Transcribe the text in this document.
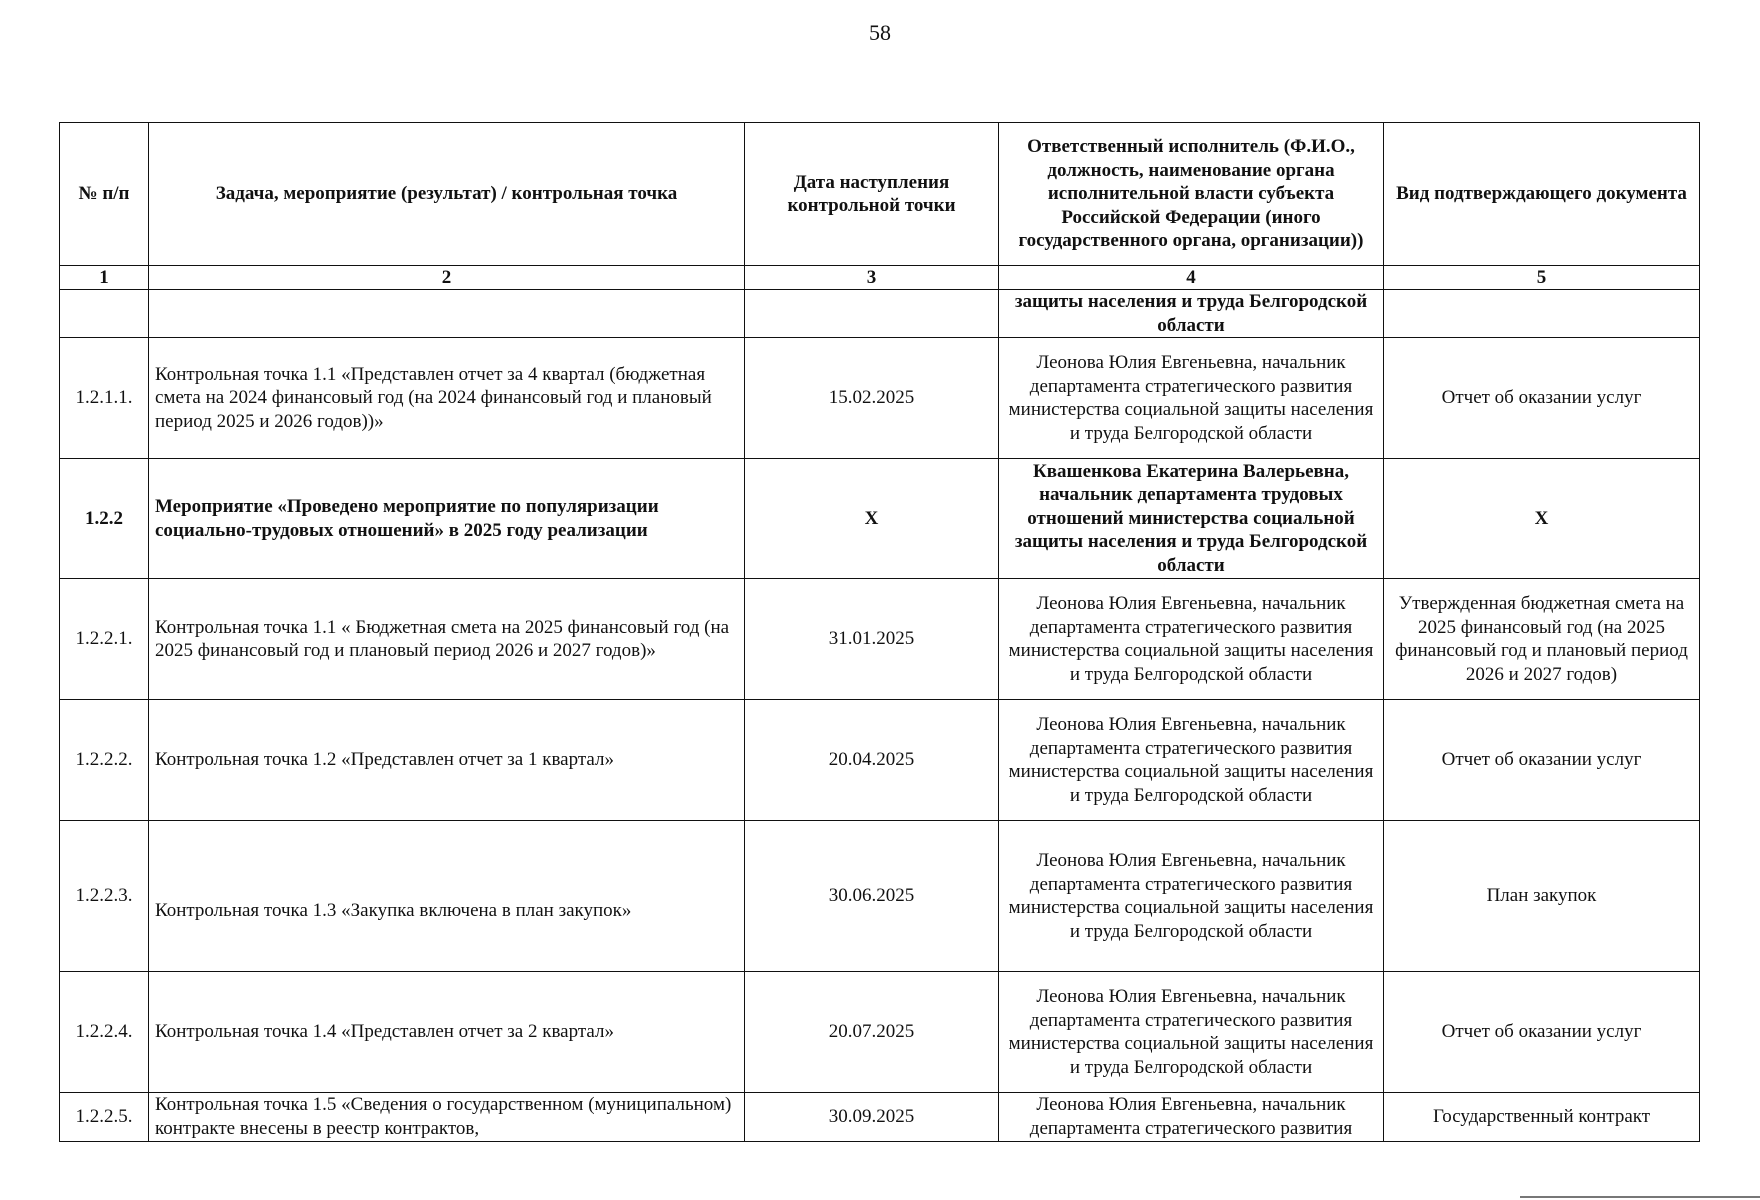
58
№ п/п	Задача, мероприятие (результат) / контрольная точка	Дата наступления контрольной точки	Ответственный исполнитель (Ф.И.О., должность, наименование органа исполнительной власти субъекта Российской Федерации (иного государственного органа, организации))	Вид подтверждающего документа
1	2	3	4	5
			защиты населения и труда Белгородской области	
1.2.1.1.	Контрольная точка 1.1 «Представлен отчет за 4 квартал (бюджетная смета на 2024 финансовый год (на 2024 финансовый год и плановый период 2025 и 2026 годов))»	15.02.2025	Леонова Юлия Евгеньевна, начальник департамента стратегического развития министерства социальной защиты населения и труда Белгородской области	Отчет об оказании услуг
1.2.2	Мероприятие «Проведено мероприятие по популяризации социально-трудовых отношений» в 2025 году реализации	X	Квашенкова Екатерина Валерьевна, начальник департамента трудовых отношений министерства социальной защиты населения и труда Белгородской области	X
1.2.2.1.	Контрольная точка 1.1 « Бюджетная смета на 2025 финансовый год (на 2025 финансовый год и плановый период 2026 и 2027 годов)»	31.01.2025	Леонова Юлия Евгеньевна, начальник департамента стратегического развития министерства социальной защиты населения и труда Белгородской области	Утвержденная бюджетная смета на 2025 финансовый год (на 2025 финансовый год и плановый период 2026 и 2027 годов)
1.2.2.2.	Контрольная точка 1.2 «Представлен отчет за 1 квартал»	20.04.2025	Леонова Юлия Евгеньевна, начальник департамента стратегического развития министерства социальной защиты населения и труда Белгородской области	Отчет об оказании услуг
1.2.2.3.	Контрольная точка 1.3 «Закупка включена в план закупок»	30.06.2025	Леонова Юлия Евгеньевна, начальник департамента стратегического развития министерства социальной защиты населения и труда Белгородской области	План закупок
1.2.2.4.	Контрольная точка 1.4 «Представлен отчет за 2 квартал»	20.07.2025	Леонова Юлия Евгеньевна, начальник департамента стратегического развития министерства социальной защиты населения и труда Белгородской области	Отчет об оказании услуг
1.2.2.5.	Контрольная точка 1.5 «Сведения о государственном (муниципальном) контракте внесены в реестр контрактов,	30.09.2025	Леонова Юлия Евгеньевна, начальник департамента стратегического развития	Государственный контракт
